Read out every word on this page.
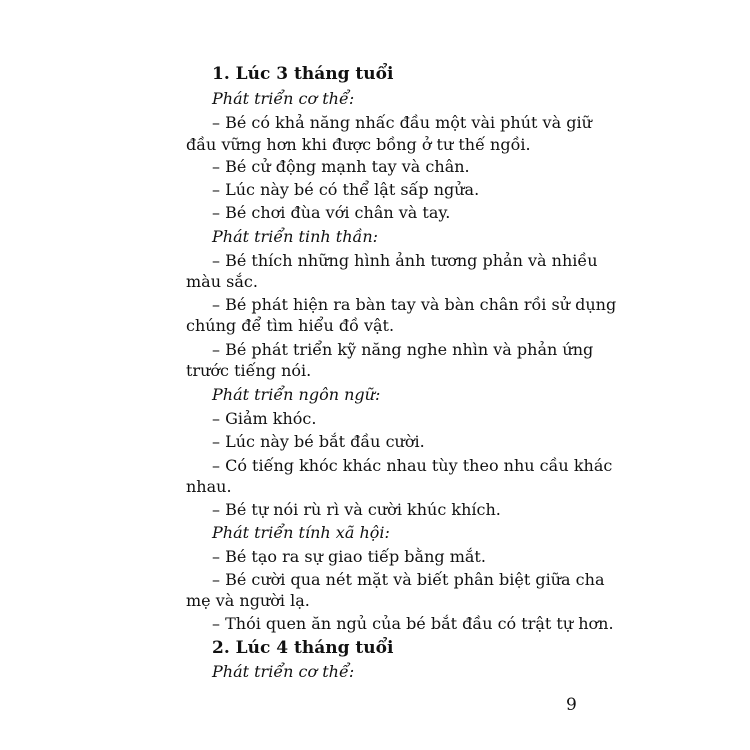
1. Lúc 3 tháng tuổi
Phát triển cơ thể:
– Bé có khả năng nhấc đầu một vài phút và giữ
đầu vững hơn khi được bồng ở tư thế ngồi.
– Bé cử động mạnh tay và chân.
– Lúc này bé có thể lật sấp ngửa.
– Bé chơi đùa với chân và tay.
Phát triển tinh thần:
– Bé thích những hình ảnh tương phản và nhiều
màu sắc.
– Bé phát hiện ra bàn tay và bàn chân rồi sử dụng
chúng để tìm hiểu đồ vật.
– Bé phát triển kỹ năng nghe nhìn và phản ứng
trước tiếng nói.
Phát triển ngôn ngữ:
– Giảm khóc.
– Lúc này bé bắt đầu cười.
– Có tiếng khóc khác nhau tùy theo nhu cầu khác
nhau.
– Bé tự nói rù rì và cười khúc khích.
Phát triển tính xã hội:
– Bé tạo ra sự giao tiếp bằng mắt.
– Bé cười qua nét mặt và biết phân biệt giữa cha
mẹ và người lạ.
– Thói quen ăn ngủ của bé bắt đầu có trật tự hơn.
2. Lúc 4 tháng tuổi
Phát triển cơ thể:
9
